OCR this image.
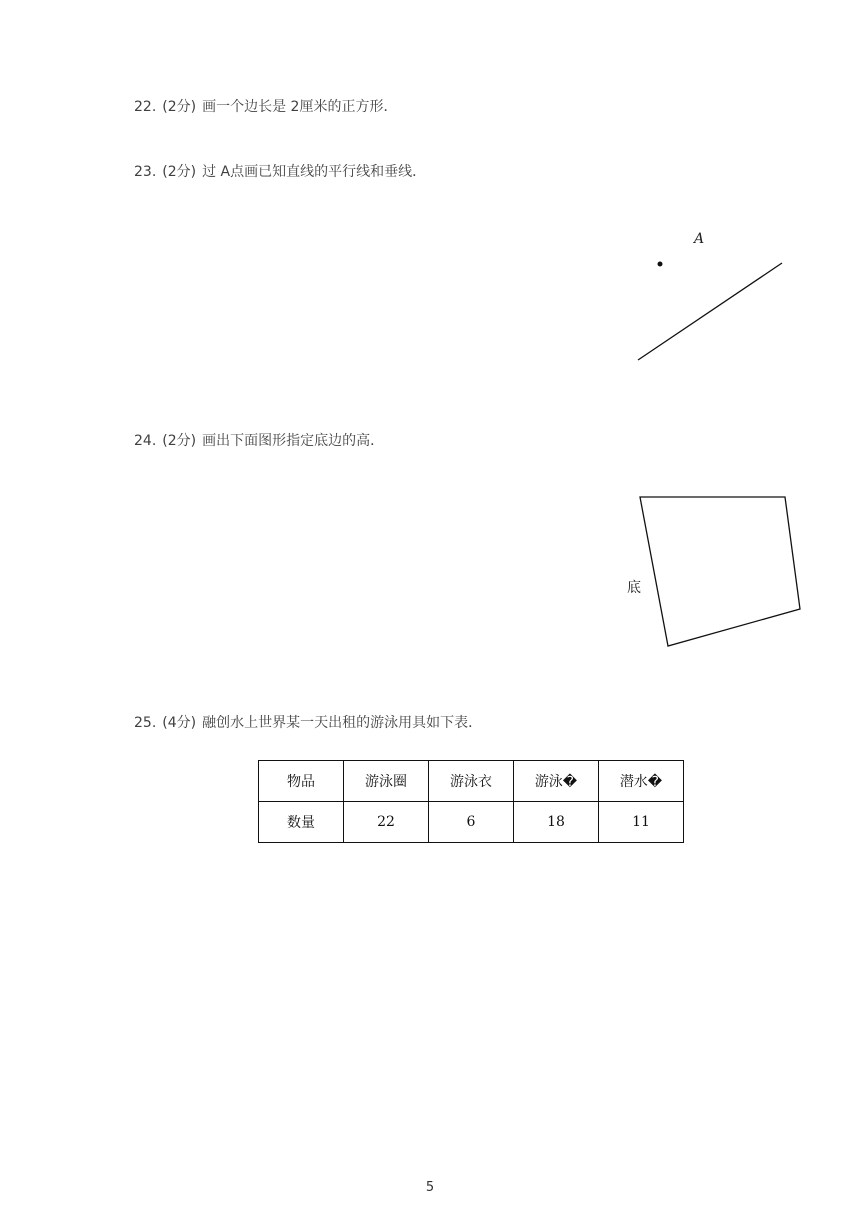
22. (2分) 画一个边长是 2厘米的正方形．
23. (2分) 过 A点画已知直线的平行线和垂线．
24. (2分) 画出下面图形指定底边的高．
25. (4分) 融创水上世界某一天出租的游泳用具如下表．
A
底
物品	游泳圈	游泳衣	游泳�	潜水�
数量	22	6	18	11
5
